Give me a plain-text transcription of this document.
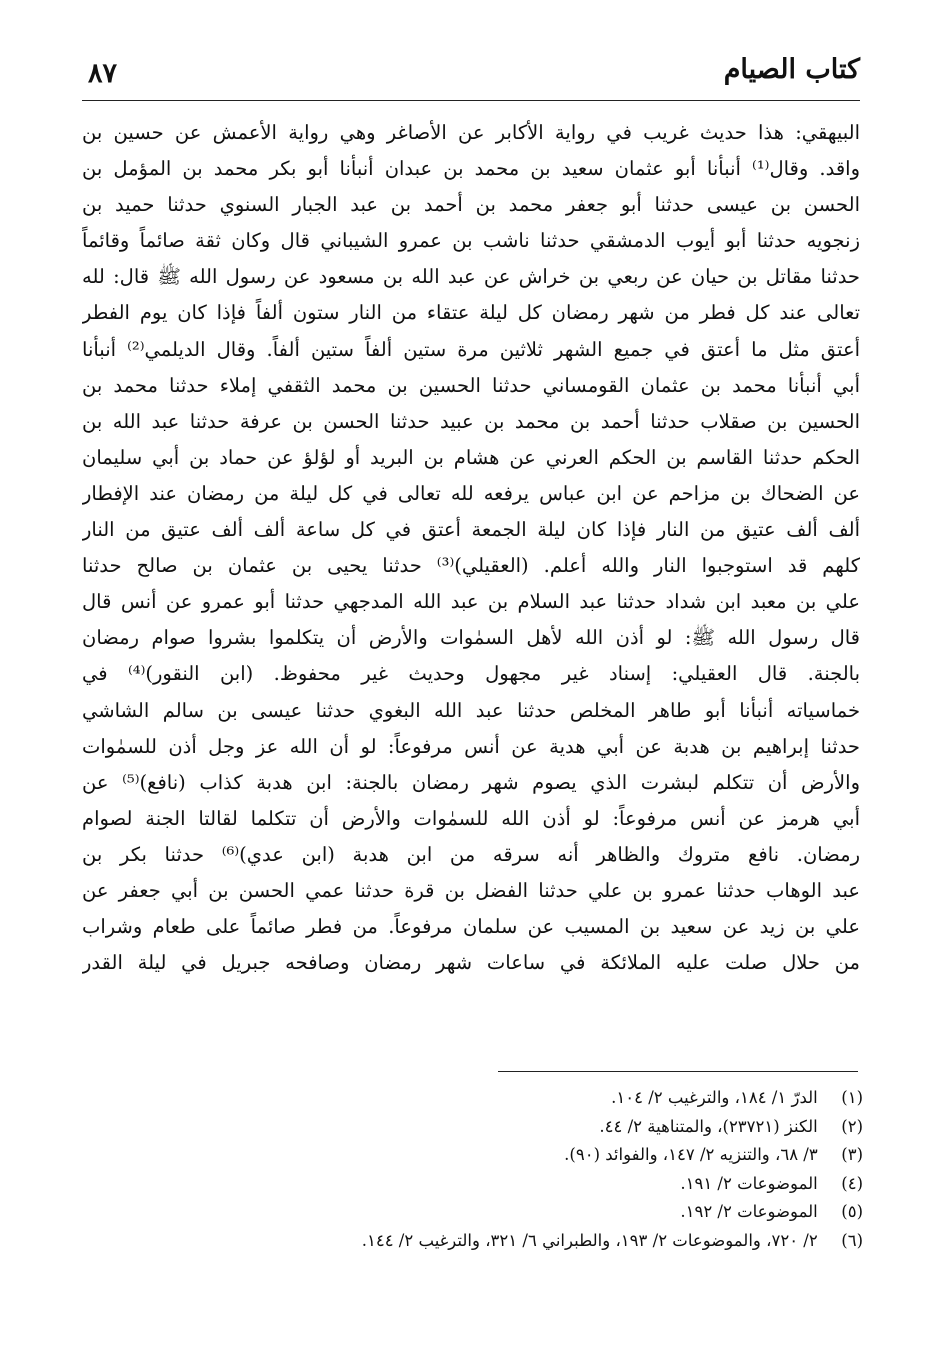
كتاب الصيام
٨٧
البيهقي: هذا حديث غريب في رواية الأكابر عن الأصاغر وهي رواية الأعمش عن حسين بن
واقد. وقال⁽¹⁾ أنبأنا أبو عثمان سعيد بن محمد بن عبدان أنبأنا أبو بكر محمد بن المؤمل بن
الحسن بن عيسى حدثنا أبو جعفر محمد بن أحمد بن عبد الجبار السنوي حدثنا حميد بن
زنجويه حدثنا أبو أيوب الدمشقي حدثنا ناشب بن عمرو الشيباني قال وكان ثقة صائماً وقائماً
حدثنا مقاتل بن حيان عن ربعي بن خراش عن عبد الله بن مسعود عن رسول الله ﷺ قال: لله
تعالى عند كل فطر من شهر رمضان كل ليلة عتقاء من النار ستون ألفاً فإذا كان يوم الفطر
أعتق مثل ما أعتق في جميع الشهر ثلاثين مرة ستين ألفاً ستين ألفاً. وقال الديلمي⁽²⁾ أنبأنا
أبي أنبأنا محمد بن عثمان القومساني حدثنا الحسين بن محمد الثقفي إملاء حدثنا محمد بن
الحسين بن صقلاب حدثنا أحمد بن محمد بن عبيد حدثنا الحسن بن عرفة حدثنا عبد الله بن
الحكم حدثنا القاسم بن الحكم العرني عن هشام بن البريد أو لؤلؤ عن حماد بن أبي سليمان
عن الضحاك بن مزاحم عن ابن عباس يرفعه لله تعالى في كل ليلة من رمضان عند الإفطار
ألف ألف عتيق من النار فإذا كان ليلة الجمعة أعتق في كل ساعة ألف ألف عتيق من النار
كلهم قد استوجبوا النار والله أعلم. (العقيلي)⁽³⁾ حدثنا يحيى بن عثمان بن صالح حدثنا
علي بن معبد ابن شداد حدثنا عبد السلام بن عبد الله المدجهي حدثنا أبو عمرو عن أنس قال
قال رسول الله ﷺ: لو أذن الله لأهل السمٰوات والأرض أن يتكلموا بشروا صوام رمضان
بالجنة. قال العقيلي: إسناد غير مجهول وحديث غير محفوظ. (ابن النقور)⁽⁴⁾ في
خماسياته أنبأنا أبو طاهر المخلص حدثنا عبد الله البغوي حدثنا عيسى بن سالم الشاشي
حدثنا إبراهيم بن هدبة عن أبي هدية عن أنس مرفوعاً: لو أن الله عز وجل أذن للسمٰوات
والأرض أن تتكلم لبشرت الذي يصوم شهر رمضان بالجنة: ابن هدبة كذاب (نافع)⁽⁵⁾ عن
أبي هرمز عن أنس مرفوعاً: لو أذن الله للسمٰوات والأرض أن تتكلما لقالتا الجنة لصوام
رمضان. نافع متروك والظاهر أنه سرقه من ابن هدبة (ابن عدي)⁽⁶⁾ حدثنا بكر بن
عبد الوهاب حدثنا عمرو بن علي حدثنا الفضل بن قرة حدثنا عمي الحسن بن أبي جعفر عن
علي بن زيد عن سعيد بن المسيب عن سلمان مرفوعاً. من فطر صائماً على طعام وشراب
من حلال صلت عليه الملائكة في ساعات شهر رمضان وصافحه جبريل في ليلة القدر
(١) الدرّ ١/ ١٨٤، والترغيب ٢/ ١٠٤.
(٢) الكنز (٢٣٧٢١)، والمتناهية ٢/ ٤٤.
(٣) ٣/ ٦٨، والتنزيه ٢/ ١٤٧، والفوائد (٩٠).
(٤) الموضوعات ٢/ ١٩١.
(٥) الموضوعات ٢/ ١٩٢.
(٦) ٢/ ٧٢٠، والموضوعات ٢/ ١٩٣، والطبراني ٦/ ٣٢١، والترغيب ٢/ ١٤٤.
